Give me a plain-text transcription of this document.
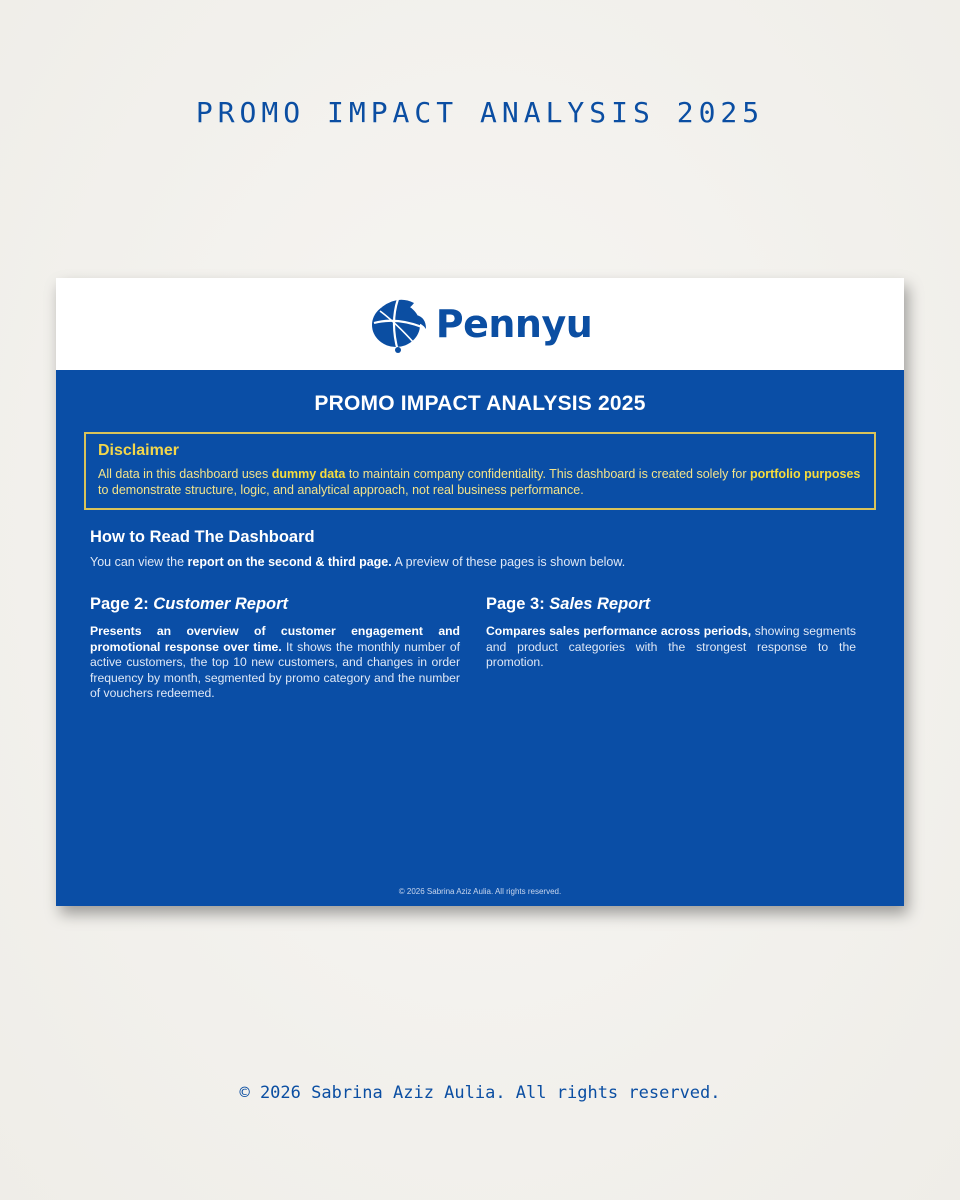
PROMO IMPACT ANALYSIS 2025
Pennyu
PROMO IMPACT ANALYSIS 2025
Disclaimer
All data in this dashboard uses dummy data to maintain company confidentiality. This dashboard is created solely for portfolio purposes to demonstrate structure, logic, and analytical approach, not real business performance.
How to Read The Dashboard
You can view the report on the second & third page. A preview of these pages is shown below.
Page 2: Customer Report
Presents an overview of customer engagement and promotional response over time. It shows the monthly number of active customers, the top 10 new customers, and changes in order frequency by month, segmented by promo category and the number of vouchers redeemed.
Page 3: Sales Report
Compares sales performance across periods, showing segments and product categories with the strongest response to the promotion.
© 2026 Sabrina Aziz Aulia. All rights reserved.
© 2026 Sabrina Aziz Aulia. All rights reserved.
